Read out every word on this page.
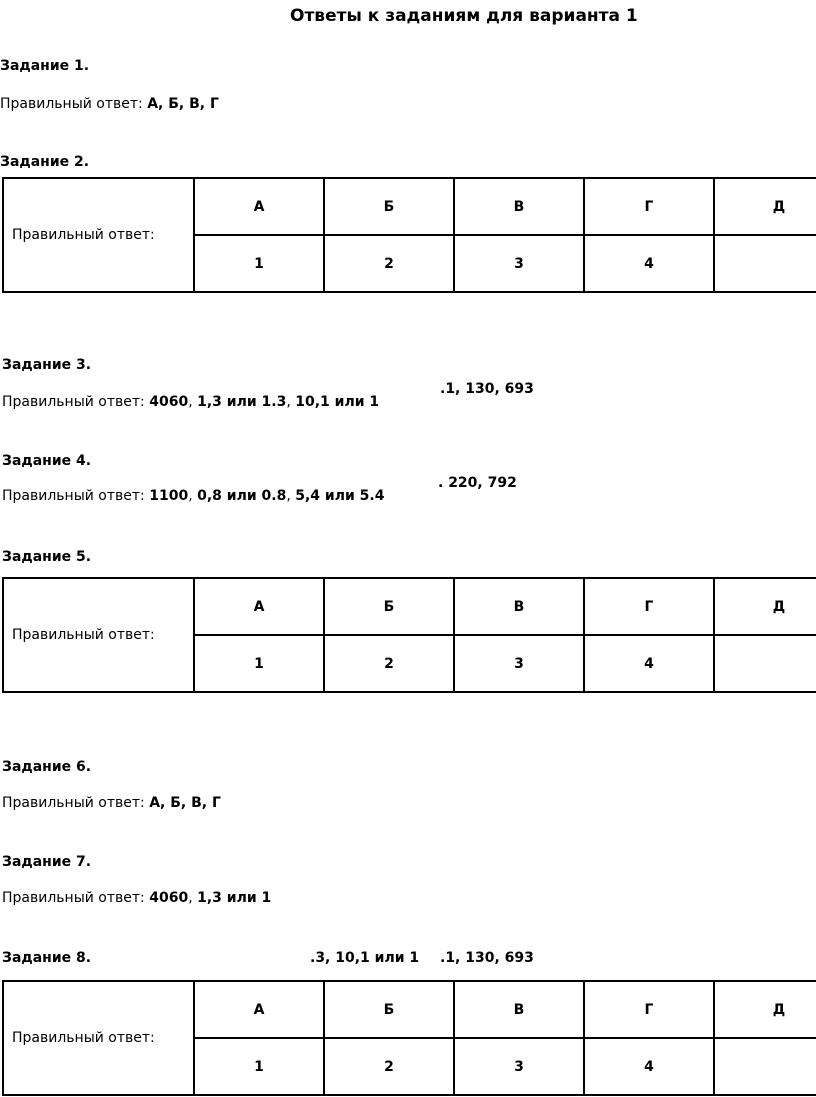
Ответы к заданиям для варианта 1
Задание 1.
Правильный ответ: А, Б, В, Г
Задание 2.
Правильный ответ:	А	Б	В	Г	Д
	1	2	3	4	
Задание 3.
.1, 130, 693
Правильный ответ: 4060, 1,3 или 1.3, 10,1 или 1
Задание 4.
. 220, 792
Правильный ответ: 1100, 0,8 или 0.8, 5,4 или 5.4
Задание 5.
Правильный ответ:	А	Б	В	Г	Д
	1	2	3	4	
Задание 6.
Правильный ответ: А, Б, В, Г
Задание 7.
Правильный ответ: 4060, 1,3 или 1
Задание 8.	.3, 10,1 или 1 .1, 130, 693
Правильный ответ:	А	Б	В	Г	Д
	1	2	3	4	
